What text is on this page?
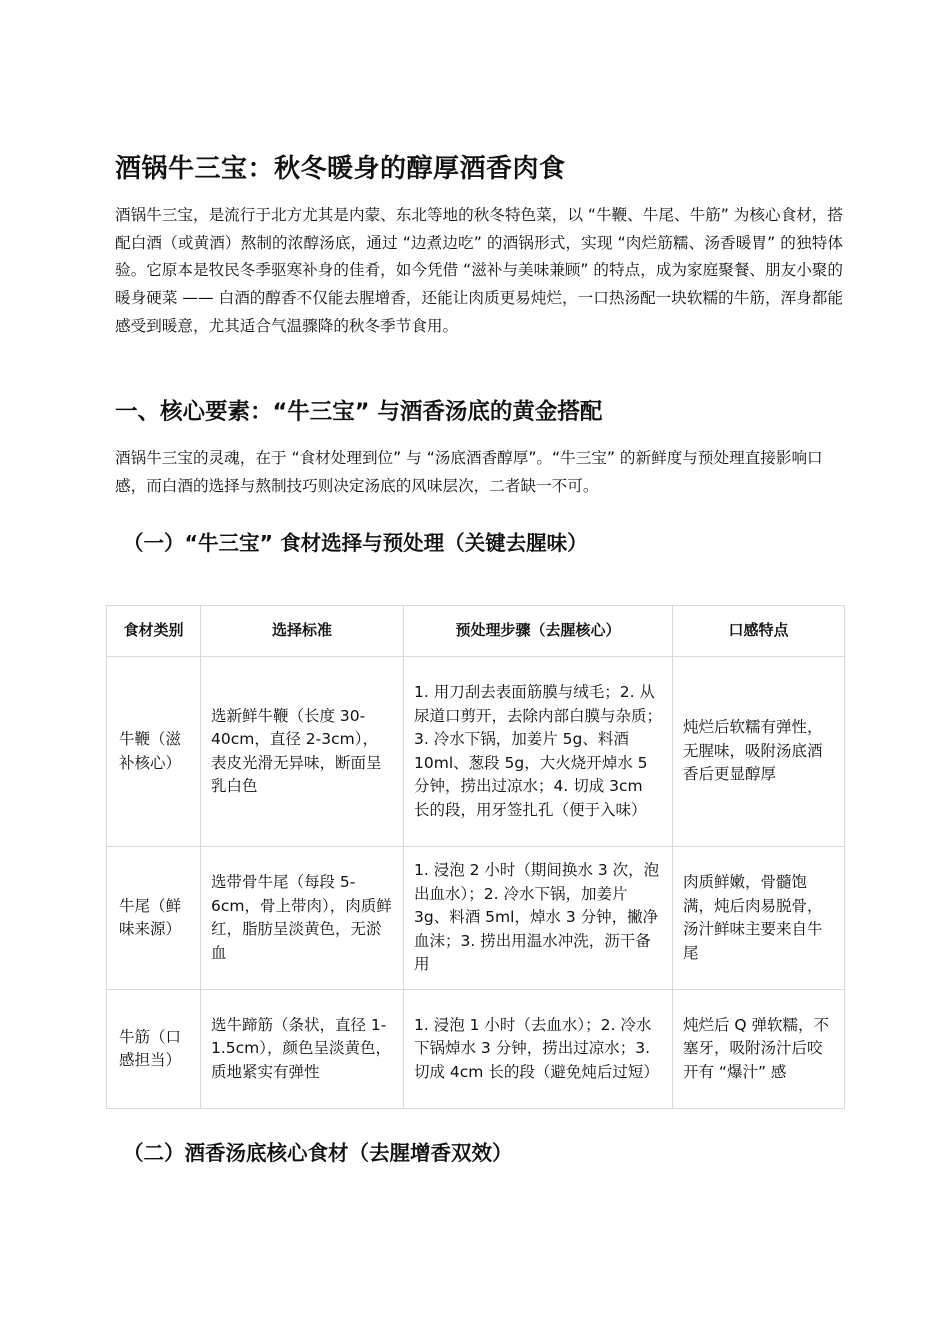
酒锅牛三宝：秋冬暖身的醇厚酒香肉食

酒锅牛三宝，是流行于北方尤其是内蒙、东北等地的秋冬特色菜，以 “牛鞭、牛尾、牛筋” 为核心食材，搭配白酒（或黄酒）熬制的浓醇汤底，通过 “边煮边吃” 的酒锅形式，实现 “肉烂筋糯、汤香暖胃” 的独特体验。它原本是牧民冬季驱寒补身的佳肴，如今凭借 “滋补与美味兼顾” 的特点，成为家庭聚餐、朋友小聚的暖身硬菜 —— 白酒的醇香不仅能去腥增香，还能让肉质更易炖烂，一口热汤配一块软糯的牛筋，浑身都能感受到暖意，尤其适合气温骤降的秋冬季节食用。

一、核心要素：“牛三宝” 与酒香汤底的黄金搭配

酒锅牛三宝的灵魂，在于 “食材处理到位” 与 “汤底酒香醇厚”。“牛三宝” 的新鲜度与预处理直接影响口感，而白酒的选择与熬制技巧则决定汤底的风味层次，二者缺一不可。

（一）“牛三宝” 食材选择与预处理（关键去腥味）
食材类别	选择标准	预处理步骤（去腥核心）	口感特点
牛鞭（滋补核心）	选新鲜牛鞭（长度 30-40cm，直径 2-3cm），表皮光滑无异味，断面呈乳白色	1. 用刀刮去表面筋膜与绒毛；2. 从尿道口剪开，去除内部白膜与杂质；3. 冷水下锅，加姜片 5g、料酒 10ml、葱段 5g，大火烧开焯水 5 分钟，捞出过凉水；4. 切成 3cm 长的段，用牙签扎孔（便于入味）	炖烂后软糯有弹性，无腥味，吸附汤底酒香后更显醇厚
牛尾（鲜味来源）	选带骨牛尾（每段 5-6cm，骨上带肉），肉质鲜红，脂肪呈淡黄色，无淤血	1. 浸泡 2 小时（期间换水 3 次，泡出血水）；2. 冷水下锅，加姜片 3g、料酒 5ml，焯水 3 分钟，撇净血沫；3. 捞出用温水冲洗，沥干备用	肉质鲜嫩，骨髓饱满，炖后肉易脱骨，汤汁鲜味主要来自牛尾
牛筋（口感担当）	选牛蹄筋（条状，直径 1-1.5cm），颜色呈淡黄色，质地紧实有弹性	1. 浸泡 1 小时（去血水）；2. 冷水下锅焯水 3 分钟，捞出过凉水；3. 切成 4cm 长的段（避免炖后过短）	炖烂后 Q 弹软糯，不塞牙，吸附汤汁后咬开有 “爆汁” 感
（二）酒香汤底核心食材（去腥增香双效）
